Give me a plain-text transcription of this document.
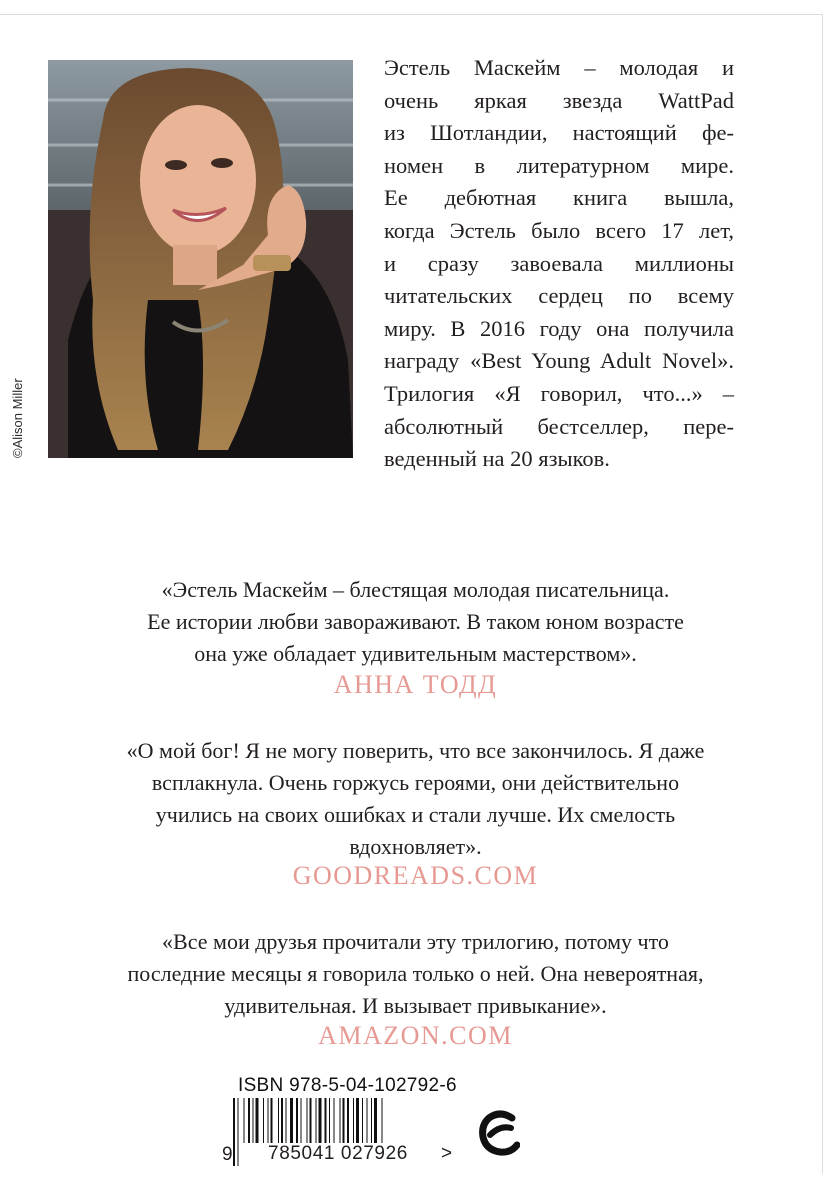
©Alison Miller
Эстель Маскейм – молодая и
очень яркая звезда WattPad
из Шотландии, настоящий фе-
номен в литературном мире.
Ее дебютная книга вышла,
когда Эстель было всего 17 лет,
и сразу завоевала миллионы
читательских сердец по всему
миру. В 2016 году она получила
награду «Best Young Adult Novel».
Трилогия «Я говорил, что...» –
абсолютный бестселлер, пере-
веденный на 20 языков.
«Эстель Маскейм – блестящая молодая писательница.
Ее истории любви завораживают. В таком юном возрасте
она уже обладает удивительным мастерством».
АННА ТОДД
«О мой бог! Я не могу поверить, что все закончилось. Я даже
всплакнула. Очень горжусь героями, они действительно
учились на своих ошибках и стали лучше. Их смелость
вдохновляет».
GOODREADS.COM
«Все мои друзья прочитали эту трилогию, потому что
последние месяцы я говорила только о ней. Она невероятная,
удивительная. И вызывает привыкание».
AMAZON.COM
ISBN 978-5-04-102792-6
9	785041 027926	>
